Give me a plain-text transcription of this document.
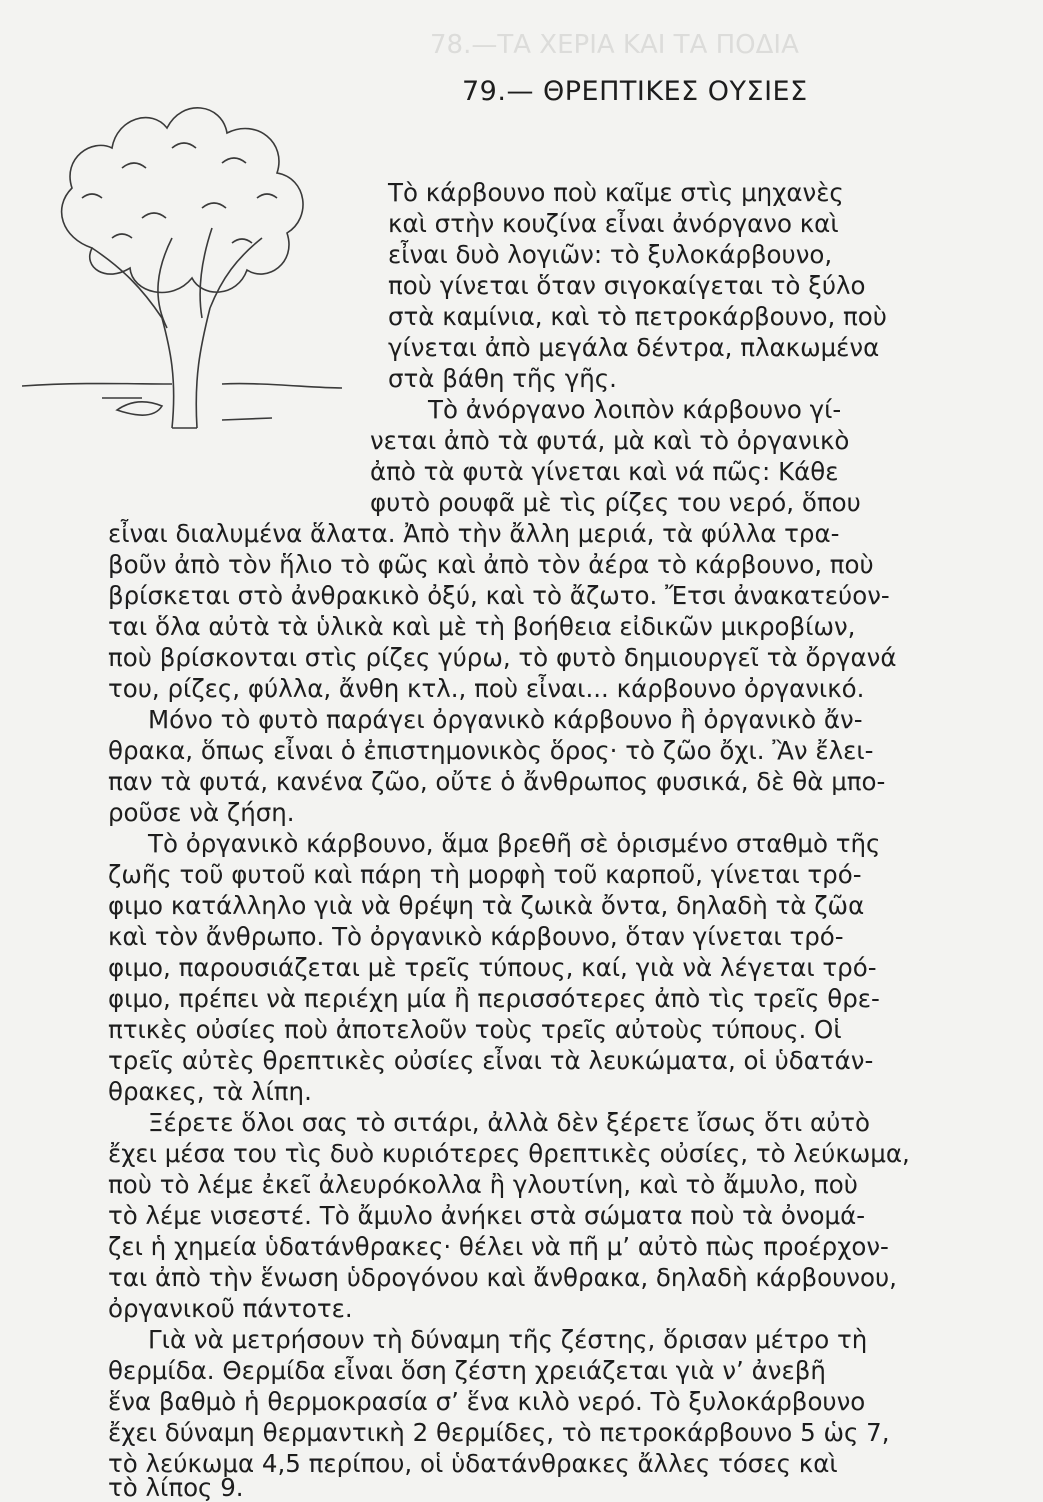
78.—ΤΑ ΧΕΡΙΑ ΚΑΙ ΤΑ ΠΟΔΙΑ
79.— ΘΡΕΠΤΙΚΕΣ ΟΥΣΙΕΣ
Τὸ κάρβουνο ποὺ καῖμε στὶς μηχανὲς
καὶ στὴν κουζίνα εἶναι ἀνόργανο καὶ
εἶναι δυὸ λογιῶν: τὸ ξυλοκάρβουνο,
ποὺ γίνεται ὅταν σιγοκαίγεται τὸ ξύλο
στὰ καμίνια, καὶ τὸ πετροκάρβουνο, ποὺ
γίνεται ἀπὸ μεγάλα δέντρα, πλακωμένα
στὰ βάθη τῆς γῆς.
Τὸ ἀνόργανο λοιπὸν κάρβουνο γί-
νεται ἀπὸ τὰ φυτά, μὰ καὶ τὸ ὀργανικὸ
ἀπὸ τὰ φυτὰ γίνεται καὶ νά πῶς: Κάθε
φυτὸ ρουφᾶ μὲ τὶς ρίζες του νερό, ὅπου
εἶναι διαλυμένα ἅλατα. Ἀπὸ τὴν ἄλλη μεριά, τὰ φύλλα τρα-
βοῦν ἀπὸ τὸν ἥλιο τὸ φῶς καὶ ἀπὸ τὸν ἀέρα τὸ κάρβουνο, ποὺ
βρίσκεται στὸ ἀνθρακικὸ ὀξύ, καὶ τὸ ἄζωτο. Ἔτσι ἀνακατεύον-
ται ὅλα αὐτὰ τὰ ὑλικὰ καὶ μὲ τὴ βοήθεια εἰδικῶν μικροβίων,
ποὺ βρίσκονται στὶς ρίζες γύρω, τὸ φυτὸ δημιουργεῖ τὰ ὄργανά
του, ρίζες, φύλλα, ἄνθη κτλ., ποὺ εἶναι... κάρβουνο ὀργανικό.
Μόνο τὸ φυτὸ παράγει ὀργανικὸ κάρβουνο ἢ ὀργανικὸ ἄν-
θρακα, ὅπως εἶναι ὁ ἐπιστημονικὸς ὅρος· τὸ ζῶο ὄχι. Ἂν ἔλει-
παν τὰ φυτά, κανένα ζῶο, οὔτε ὁ ἄνθρωπος φυσικά, δὲ θὰ μπο-
ροῦσε νὰ ζήση.
Τὸ ὀργανικὸ κάρβουνο, ἅμα βρεθῆ σὲ ὁρισμένο σταθμὸ τῆς
ζωῆς τοῦ φυτοῦ καὶ πάρη τὴ μορφὴ τοῦ καρποῦ, γίνεται τρό-
φιμο κατάλληλο γιὰ νὰ θρέψη τὰ ζωικὰ ὄντα, δηλαδὴ τὰ ζῶα
καὶ τὸν ἄνθρωπο. Τὸ ὀργανικὸ κάρβουνο, ὅταν γίνεται τρό-
φιμο, παρουσιάζεται μὲ τρεῖς τύπους, καί, γιὰ νὰ λέγεται τρό-
φιμο, πρέπει νὰ περιέχη μία ἢ περισσότερες ἀπὸ τὶς τρεῖς θρε-
πτικὲς οὐσίες ποὺ ἀποτελοῦν τοὺς τρεῖς αὐτοὺς τύπους. Οἱ
τρεῖς αὐτὲς θρεπτικὲς οὐσίες εἶναι τὰ λευκώματα, οἱ ὑδατάν-
θρακες, τὰ λίπη.
Ξέρετε ὅλοι σας τὸ σιτάρι, ἀλλὰ δὲν ξέρετε ἴσως ὅτι αὐτὸ
ἔχει μέσα του τὶς δυὸ κυριότερες θρεπτικὲς οὐσίες, τὸ λεύκωμα,
ποὺ τὸ λέμε ἐκεῖ ἀλευρόκολλα ἢ γλουτίνη, καὶ τὸ ἄμυλο, ποὺ
τὸ λέμε νισεστέ. Τὸ ἄμυλο ἀνήκει στὰ σώματα ποὺ τὰ ὀνομά-
ζει ἡ χημεία ὑδατάνθρακες· θέλει νὰ πῆ μ’ αὐτὸ πὼς προέρχον-
ται ἀπὸ τὴν ἕνωση ὑδρογόνου καὶ ἄνθρακα, δηλαδὴ κάρβουνου,
ὀργανικοῦ πάντοτε.
Γιὰ νὰ μετρήσουν τὴ δύναμη τῆς ζέστης, ὅρισαν μέτρο τὴ
θερμίδα. Θερμίδα εἶναι ὅση ζέστη χρειάζεται γιὰ ν’ ἀνεβῆ
ἕνα βαθμὸ ἡ θερμοκρασία σ’ ἕνα κιλὸ νερό. Τὸ ξυλοκάρβουνο
ἔχει δύναμη θερμαντικὴ 2 θερμίδες, τὸ πετροκάρβουνο 5 ὡς 7,
τὸ λεύκωμα 4,5 περίπου, οἱ ὑδατάνθρακες ἄλλες τόσες καὶ
τὸ λίπος 9.
